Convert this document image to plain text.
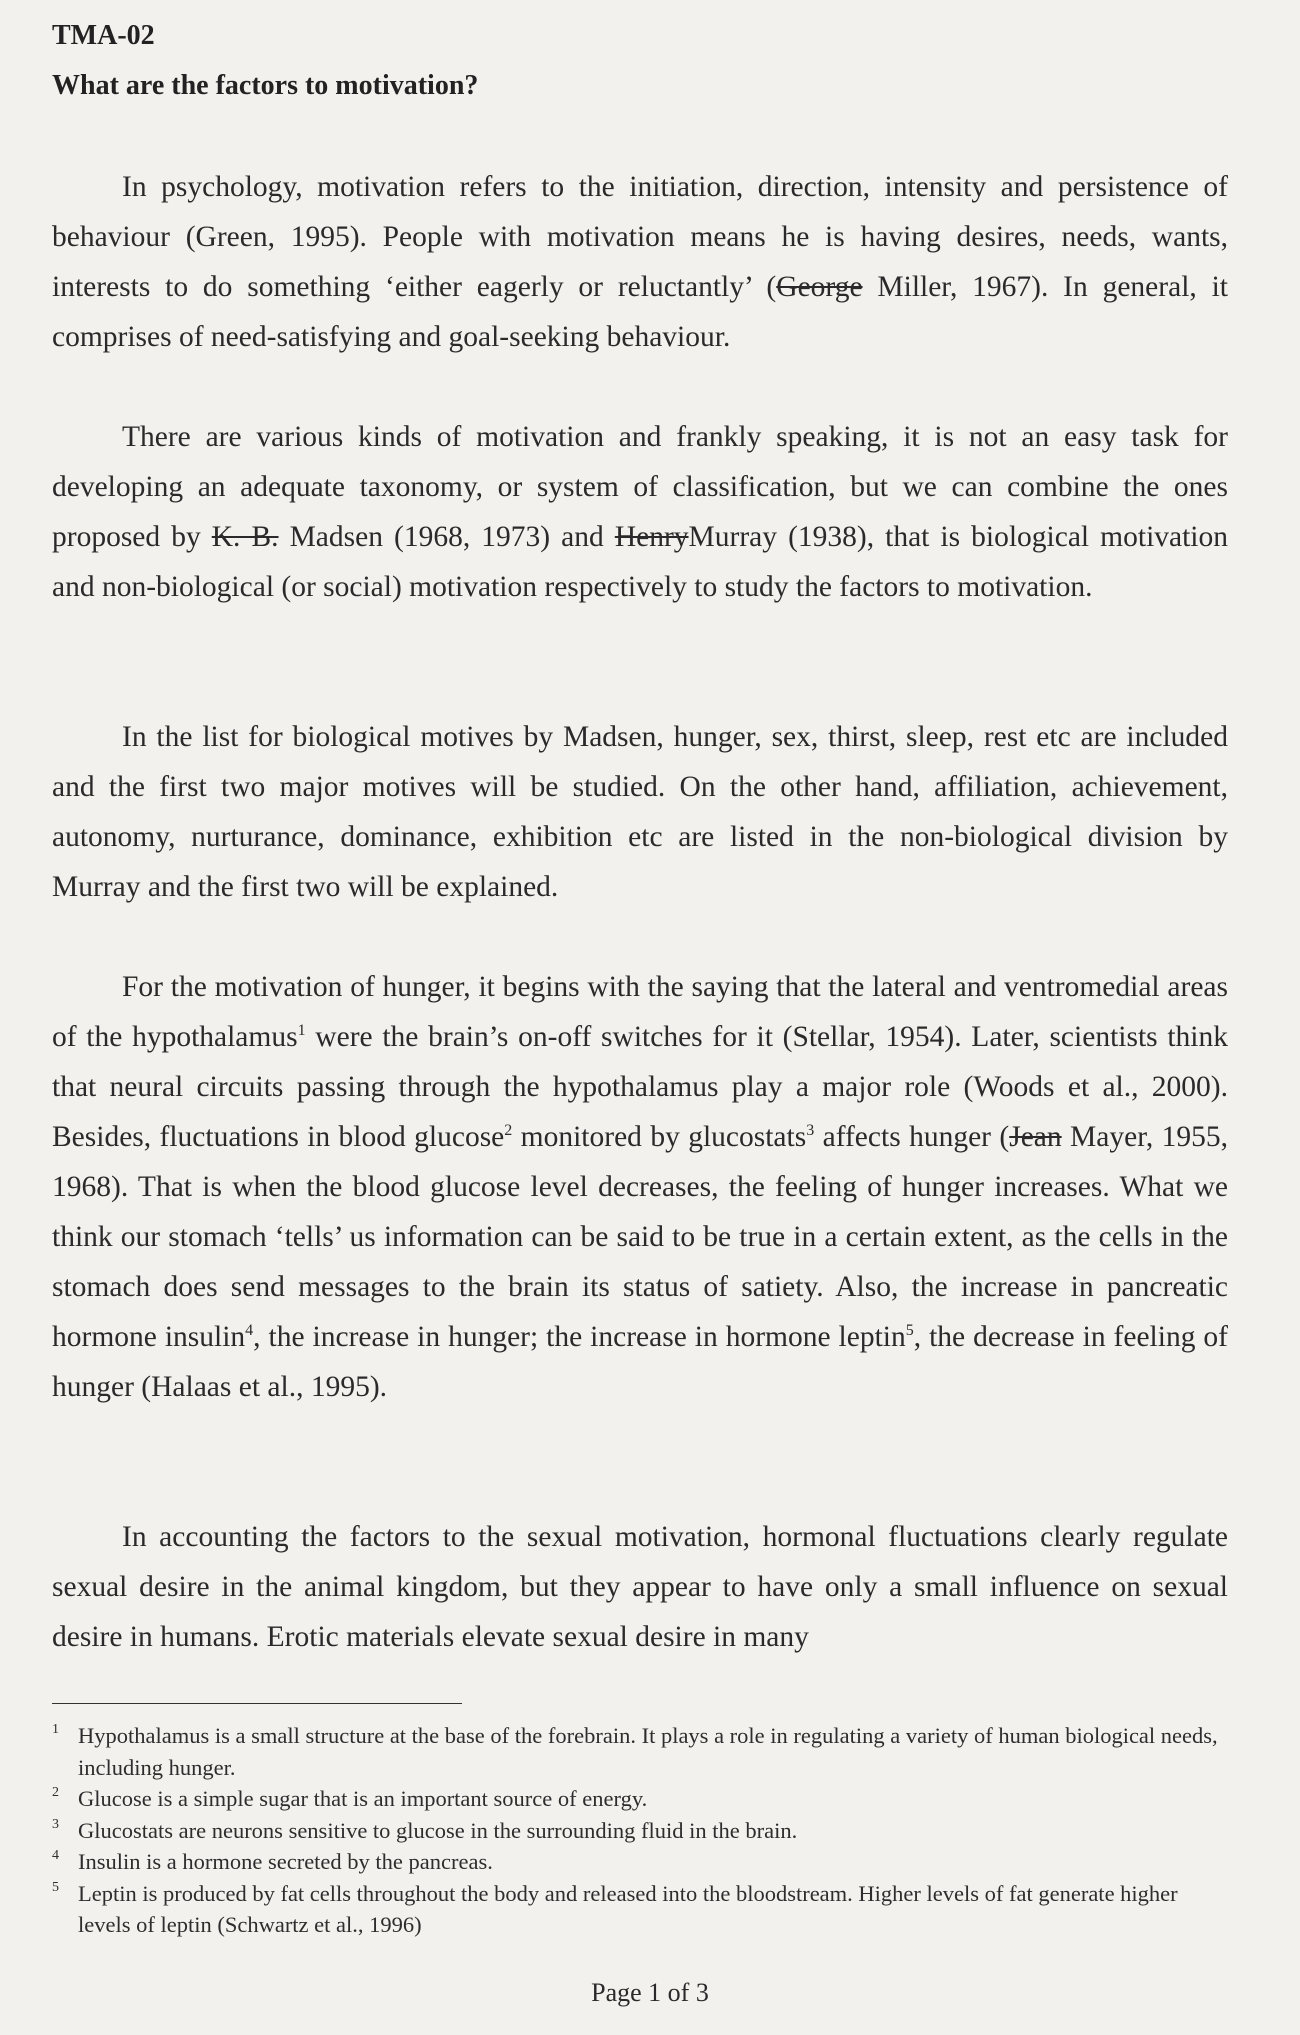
TMA-02
What are the factors to motivation?
In psychology, motivation refers to the initiation, direction, intensity and persistence of behaviour (Green, 1995). People with motivation means he is having desires, needs, wants, interests to do something ‘either eagerly or reluctantly’ (George Miller, 1967). In general, it comprises of need-satisfying and goal-seeking behaviour.
There are various kinds of motivation and frankly speaking, it is not an easy task for developing an adequate taxonomy, or system of classification, but we can combine the ones proposed by K. B. Madsen (1968, 1973) and HenryMurray (1938), that is biological motivation and non-biological (or social) motivation respectively to study the factors to motivation.
In the list for biological motives by Madsen, hunger, sex, thirst, sleep, rest etc are included and the first two major motives will be studied. On the other hand, affiliation, achievement, autonomy, nurturance, dominance, exhibition etc are listed in the non-biological division by Murray and the first two will be explained.
For the motivation of hunger, it begins with the saying that the lateral and ventromedial areas of the hypothalamus$^1$ were the brain’s on-off switches for it (Stellar, 1954). Later, scientists think that neural circuits passing through the hypothalamus play a major role (Woods et al., 2000). Besides, fluctuations in blood glucose$^2$ monitored by glucostats$^3$ affects hunger (Jean Mayer, 1955, 1968). That is when the blood glucose level decreases, the feeling of hunger increases. What we think our stomach ‘tells’ us information can be said to be true in a certain extent, as the cells in the stomach does send messages to the brain its status of satiety. Also, the increase in pancreatic hormone insulin$^4$, the increase in hunger; the increase in hormone leptin$^5$, the decrease in feeling of hunger (Halaas et al., 1995).
In accounting the factors to the sexual motivation, hormonal fluctuations clearly regulate sexual desire in the animal kingdom, but they appear to have only a small influence on sexual desire in humans. Erotic materials elevate sexual desire in many
1 Hypothalamus is a small structure at the base of the forebrain. It plays a role in regulating a variety of human biological needs, including hunger.
2 Glucose is a simple sugar that is an important source of energy.
3 Glucostats are neurons sensitive to glucose in the surrounding fluid in the brain.
4 Insulin is a hormone secreted by the pancreas.
5 Leptin is produced by fat cells throughout the body and released into the bloodstream. Higher levels of fat generate higher levels of leptin (Schwartz et al., 1996)
Page 1 of 3
